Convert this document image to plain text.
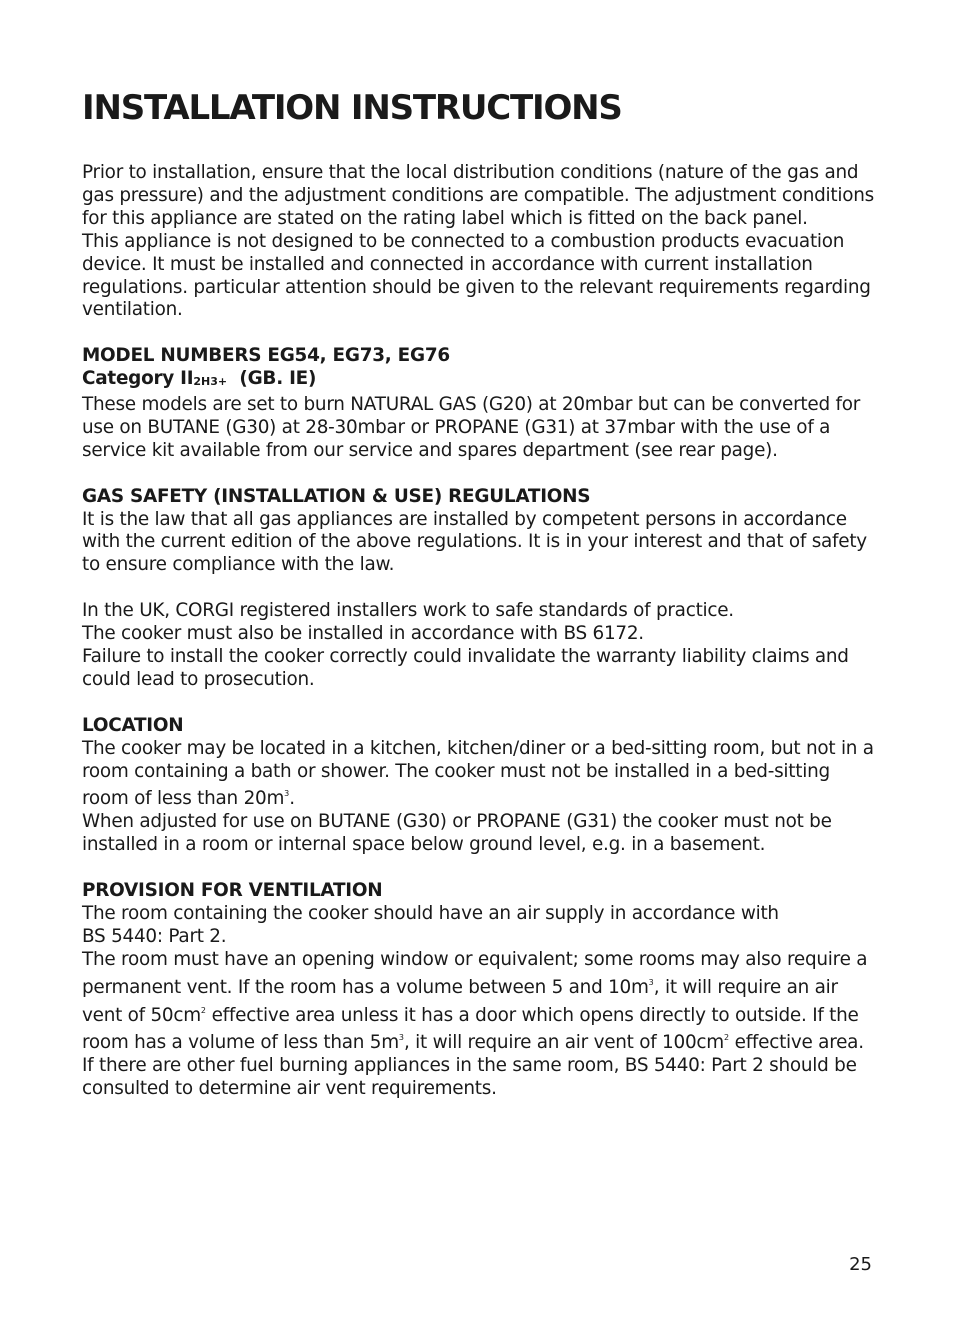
INSTALLATION INSTRUCTIONS

Prior to installation, ensure that the local distribution conditions (nature of the gas and gas pressure) and the adjustment conditions are compatible. The adjustment conditions for this appliance are stated on the rating label which is fitted on the back panel.

This appliance is not designed to be connected to a combustion products evacuation device. It must be installed and connected in accordance with current installation regulations. particular attention should be given to the relevant requirements regarding ventilation.

MODEL NUMBERS EG54, EG73, EG76

Category II2H3+ (GB. IE)

These models are set to burn NATURAL GAS (G20) at 20mbar but can be converted for use on BUTANE (G30) at 28-30mbar or PROPANE (G31) at 37mbar with the use of a service kit available from our service and spares department (see rear page).

GAS SAFETY (INSTALLATION & USE) REGULATIONS

It is the law that all gas appliances are installed by competent persons in accordance with the current edition of the above regulations. It is in your interest and that of safety to ensure compliance with the law.

In the UK, CORGI registered installers work to safe standards of practice.

The cooker must also be installed in accordance with BS 6172.

Failure to install the cooker correctly could invalidate the warranty liability claims and could lead to prosecution.

LOCATION

The cooker may be located in a kitchen, kitchen/diner or a bed-sitting room, but not in a room containing a bath or shower. The cooker must not be installed in a bed-sitting room of less than $20m^3$.

When adjusted for use on BUTANE (G30) or PROPANE (G31) the cooker must not be installed in a room or internal space below ground level, e.g. in a basement.

PROVISION FOR VENTILATION

The room containing the cooker should have an air supply in accordance with

BS 5440: Part 2.

The room must have an opening window or equivalent; some rooms may also require a permanent vent. If the room has a volume between 5 and $10m^3$, it will require an air vent of $50cm^2$ effective area unless it has a door which opens directly to outside. If the room has a volume of less than $5m^3$, it will require an air vent of $100cm^2$ effective area.

If there are other fuel burning appliances in the same room, BS 5440: Part 2 should be consulted to determine air vent requirements.

25
